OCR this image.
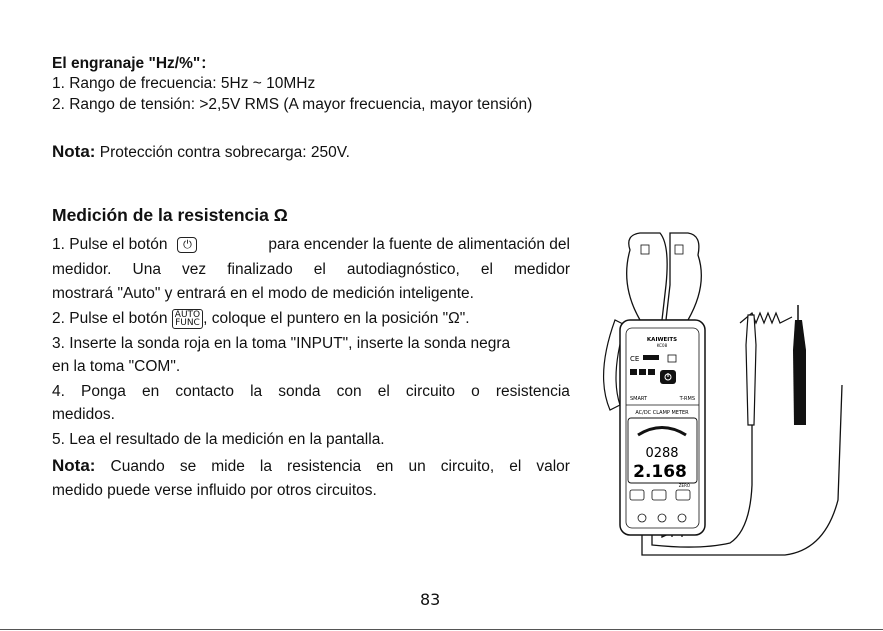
El engranaje "Hz/%"：
1. Rango de frecuencia: 5Hz ~ 10MHz
2. Rango de tensión: >2,5V RMS (A mayor frecuencia, mayor tensión)
Nota: Protección contra sobrecarga: 250V.
Medición de la resistencia Ω
1. Pulse el botón ⏻	para encender la fuente de alimentación del
medidor. Una vez finalizado el autodiagnóstico, el medidor
mostrará "Auto" y entrará en el modo de medición inteligente.
2. Pulse el botón AUTO
FUNC , coloque el puntero en la posición "Ω".
3. Inserte la sonda roja en la toma "INPUT", inserte la sonda negra
en la toma "COM".
4. Ponga en contacto la sonda con el circuito o resistencia
medidos.
5. Lea el resultado de la medición en la pantalla.
Nota: Cuando se mide la resistencia en un circuito, el valor
medido puede verse influido por otros circuitos.
KAIWEITS
KC08
CE
SMART	T-RMS
AC/DC CLAMP METER
0288
2.168
ZERO
83
